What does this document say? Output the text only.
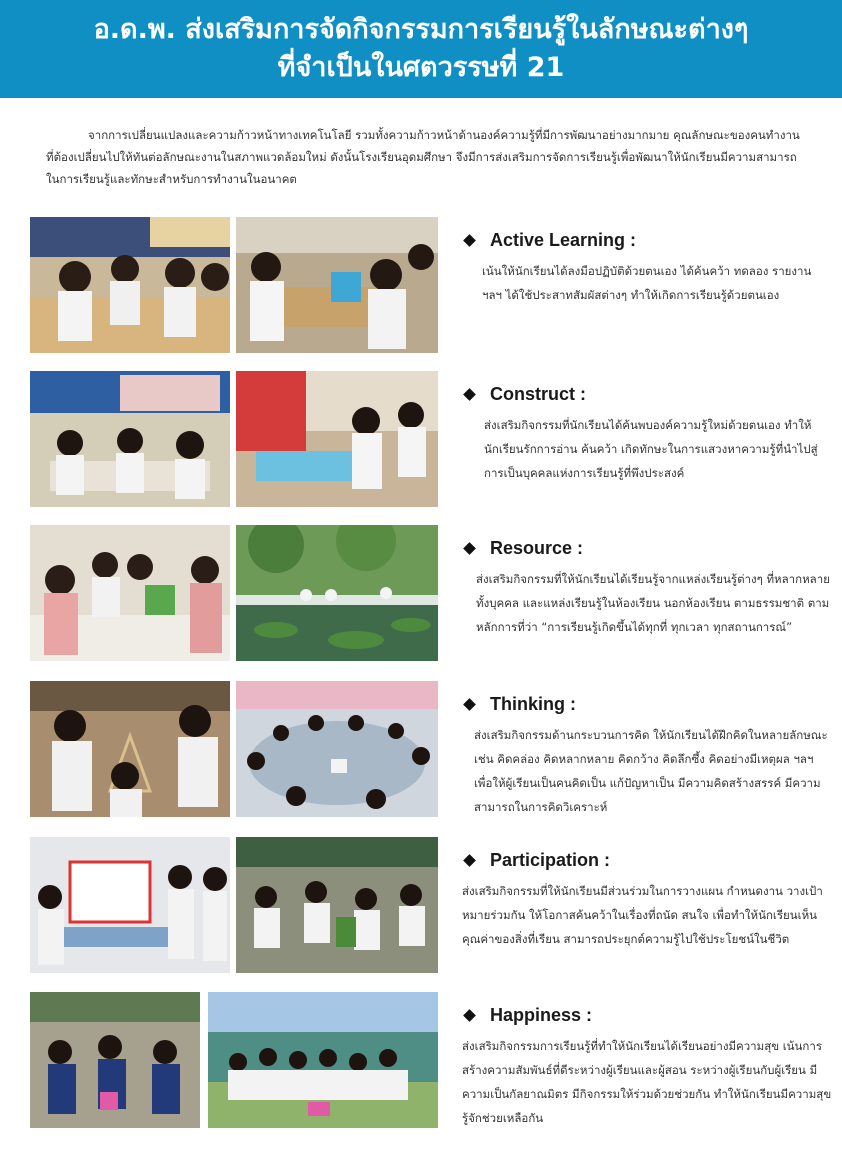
อ.ด.พ. ส่งเสริมการจัดกิจกรรมการเรียนรู้ในลักษณะต่างๆ
ที่จำเป็นในศตวรรษที่ 21

จากการเปลี่ยนแปลงและความก้าวหน้าทางเทคโนโลยี รวมทั้งความก้าวหน้าด้านองค์ความรู้ที่มีการพัฒนาอย่างมากมาย คุณลักษณะของคนทำงานที่ต้องเปลี่ยนไปให้ทันต่อลักษณะงานในสภาพแวดล้อมใหม่ ดังนั้นโรงเรียนอุดมศึกษา จึงมีการส่งเสริมการจัดการเรียนรู้เพื่อพัฒนาให้นักเรียนมีความสามารถในการเรียนรู้และทักษะสำหรับการทำงานในอนาคต

Active Learning :

เน้นให้นักเรียนได้ลงมือปฏิบัติด้วยตนเอง ได้ค้นคว้า ทดลอง รายงาน ฯลฯ ได้ใช้ประสาทสัมผัสต่างๆ ทำให้เกิดการเรียนรู้ด้วยตนเอง

Construct :

ส่งเสริมกิจกรรมที่นักเรียนได้ค้นพบองค์ความรู้ใหม่ด้วยตนเอง ทำให้นักเรียนรักการอ่าน ค้นคว้า เกิดทักษะในการแสวงหาความรู้ที่นำไปสู่การเป็นบุคคลแห่งการเรียนรู้ที่พึงประสงค์

Resource :

ส่งเสริมกิจกรรมที่ให้นักเรียนได้เรียนรู้จากแหล่งเรียนรู้ต่างๆ ที่หลากหลาย ทั้งบุคคล และแหล่งเรียนรู้ในห้องเรียน นอกห้องเรียน ตามธรรมชาติ ตามหลักการที่ว่า “การเรียนรู้เกิดขึ้นได้ทุกที่ ทุกเวลา ทุกสถานการณ์”

Thinking :

ส่งเสริมกิจกรรมด้านกระบวนการคิด ให้นักเรียนได้ฝึกคิดในหลายลักษณะ เช่น คิดคล่อง คิดหลากหลาย คิดกว้าง คิดลึกซึ้ง คิดอย่างมีเหตุผล ฯลฯ เพื่อให้ผู้เรียนเป็นคนคิดเป็น แก้ปัญหาเป็น มีความคิดสร้างสรรค์ มีความสามารถในการคิดวิเคราะห์

Participation :

ส่งเสริมกิจกรรมที่ให้นักเรียนมีส่วนร่วมในการวางแผน กำหนดงาน วางเป้าหมายร่วมกัน ให้โอกาสค้นคว้าในเรื่องที่ถนัด สนใจ เพื่อทำให้นักเรียนเห็นคุณค่าของสิ่งที่เรียน สามารถประยุกต์ความรู้ไปใช้ประโยชน์ในชีวิต

Happiness :

ส่งเสริมกิจกรรมการเรียนรู้ที่ทำให้นักเรียนได้เรียนอย่างมีความสุข เน้นการสร้างความสัมพันธ์ที่ดีระหว่างผู้เรียนและผู้สอน ระหว่างผู้เรียนกับผู้เรียน มีความเป็นกัลยาณมิตร มีกิจกรรมให้ร่วมด้วยช่วยกัน ทำให้นักเรียนมีความสุข รู้จักช่วยเหลือกัน
